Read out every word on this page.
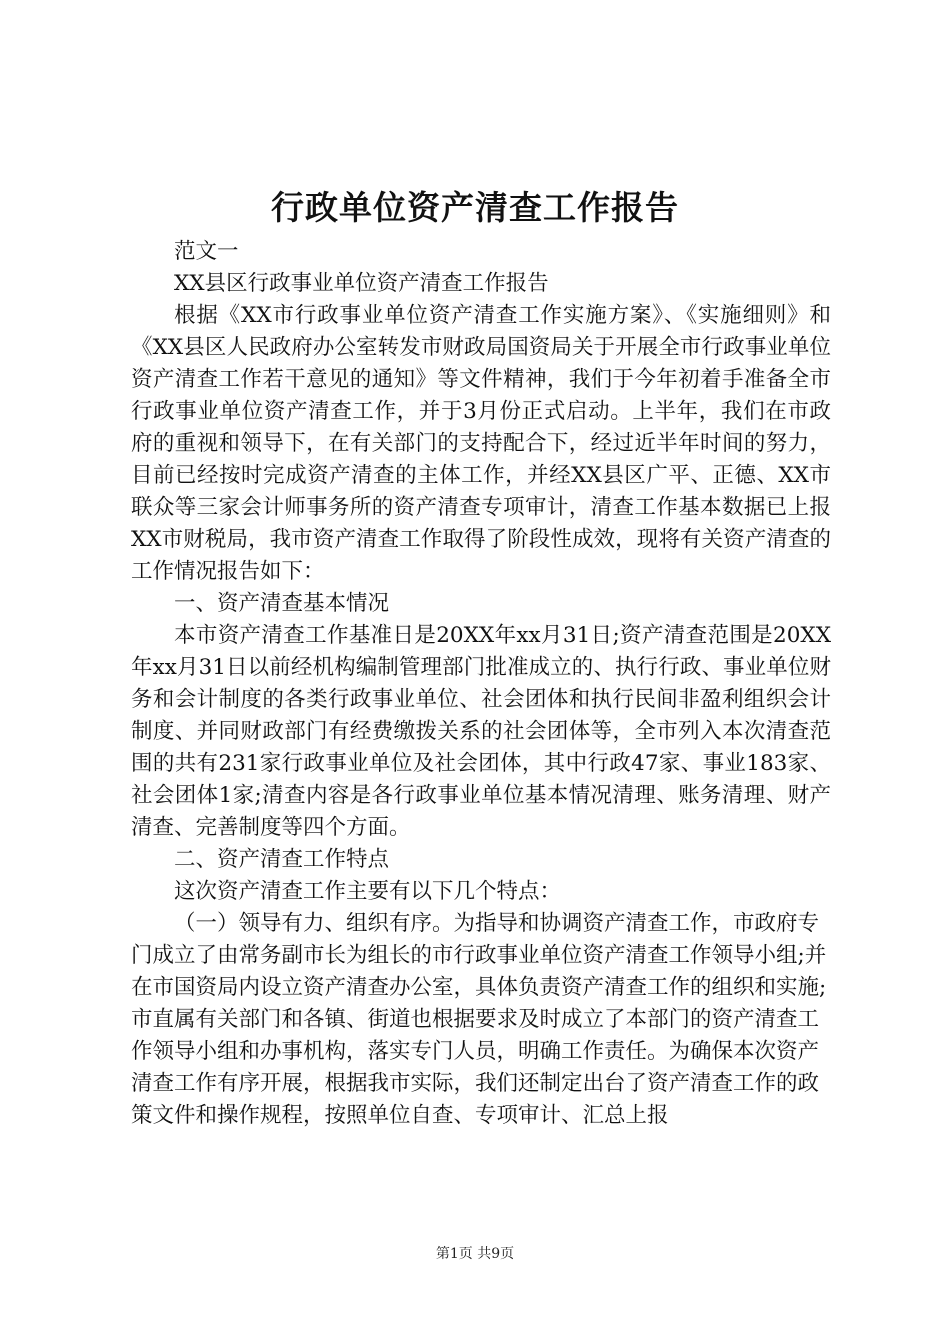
行政单位资产清查工作报告

范文一

XX县区行政事业单位资产清查工作报告

根据《XX市行政事业单位资产清查工作实施方案》、《实施细则》和《XX县区人民政府办公室转发市财政局国资局关于开展全市行政事业单位资产清查工作若干意见的通知》等文件精神，我们于今年初着手准备全市行政事业单位资产清查工作，并于3月份正式启动。上半年，我们在市政府的重视和领导下，在有关部门的支持配合下，经过近半年时间的努力，目前已经按时完成资产清查的主体工作，并经XX县区广平、正德、XX市联众等三家会计师事务所的资产清查专项审计，清查工作基本数据已上报XX市财税局，我市资产清查工作取得了阶段性成效，现将有关资产清查的工作情况报告如下：

一、资产清查基本情况

本市资产清查工作基准日是20XX年xx月31日;资产清查范围是20XX年xx月31日以前经机构编制管理部门批准成立的、执行行政、事业单位财务和会计制度的各类行政事业单位、社会团体和执行民间非盈利组织会计制度、并同财政部门有经费缴拨关系的社会团体等，全市列入本次清查范围的共有231家行政事业单位及社会团体，其中行政47家、事业183家、社会团体1家;清查内容是各行政事业单位基本情况清理、账务清理、财产清查、完善制度等四个方面。

二、资产清查工作特点

这次资产清查工作主要有以下几个特点：

（一）领导有力、组织有序。为指导和协调资产清查工作，市政府专门成立了由常务副市长为组长的市行政事业单位资产清查工作领导小组;并在市国资局内设立资产清查办公室，具体负责资产清查工作的组织和实施;市直属有关部门和各镇、街道也根据要求及时成立了本部门的资产清查工作领导小组和办事机构，落实专门人员，明确工作责任。为确保本次资产清查工作有序开展，根据我市实际，我们还制定出台了资产清查工作的政策文件和操作规程，按照单位自查、专项审计、汇总上报

第1页 共9页
